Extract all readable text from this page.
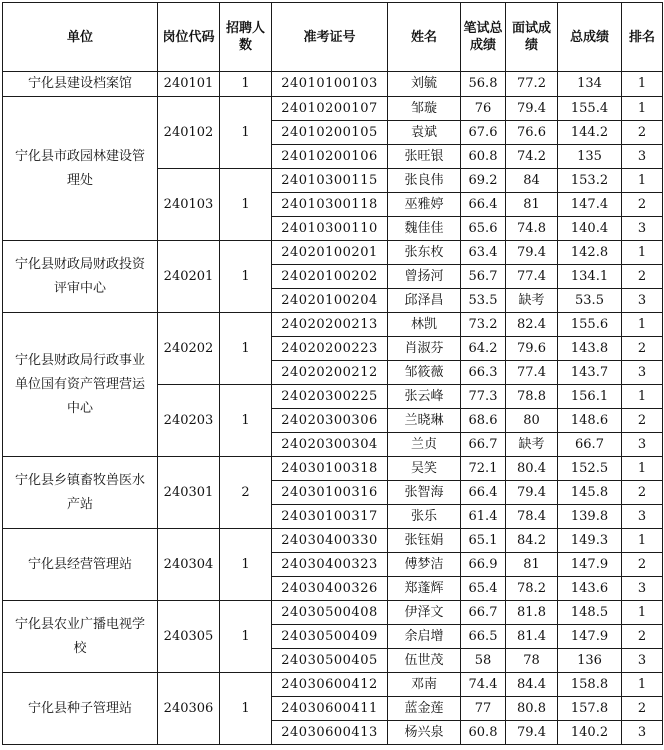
单位	岗位代码	招聘人数	准考证号	姓名	笔试总成绩	面试成绩	总成绩	排名
宁化县建设档案馆	240101	1	24010100103	刘毓	56.8	77.2	134	1
宁化县市政园林建设管理处	240102	1	24010200107	邹璇	76	79.4	155.4	1
			24010200105	袁斌	67.6	76.6	144.2	2
			24010200106	张旺银	60.8	74.2	135	3
	240103	1	24010300115	张良伟	69.2	84	153.2	1
			24010300118	巫雅婷	66.4	81	147.4	2
			24010300110	魏佳佳	65.6	74.8	140.4	3
宁化县财政局财政投资评审中心	240201	1	24020100201	张东枚	63.4	79.4	142.8	1
			24020100202	曾扬河	56.7	77.4	134.1	2
			24020100204	邱泽昌	53.5	缺考	53.5	3
宁化县财政局行政事业单位国有资产管理营运中心	240202	1	24020200213	林凯	73.2	82.4	155.6	1
			24020200223	肖淑芬	64.2	79.6	143.8	2
			24020200212	邹筱薇	66.3	77.4	143.7	3
	240203	1	24020300225	张云峰	77.3	78.8	156.1	1
			24020300306	兰晓琳	68.6	80	148.6	2
			24020300304	兰贞	66.7	缺考	66.7	3
宁化县乡镇畜牧兽医水产站	240301	2	24030100318	吴笑	72.1	80.4	152.5	1
			24030100316	张智海	66.4	79.4	145.8	2
			24030100317	张乐	61.4	78.4	139.8	3
宁化县经营管理站	240304	1	24030400330	张钰娟	65.1	84.2	149.3	1
			24030400323	傅梦洁	66.9	81	147.9	2
			24030400326	郑蓬辉	65.4	78.2	143.6	3
宁化县农业广播电视学校	240305	1	24030500408	伊泽文	66.7	81.8	148.5	1
			24030500409	余启增	66.5	81.4	147.9	2
			24030500405	伍世茂	58	78	136	3
宁化县种子管理站	240306	1	24030600412	邓南	74.4	84.4	158.8	1
			24030600411	蓝金莲	77	80.8	157.8	2
			24030600413	杨兴泉	60.8	79.4	140.2	3
